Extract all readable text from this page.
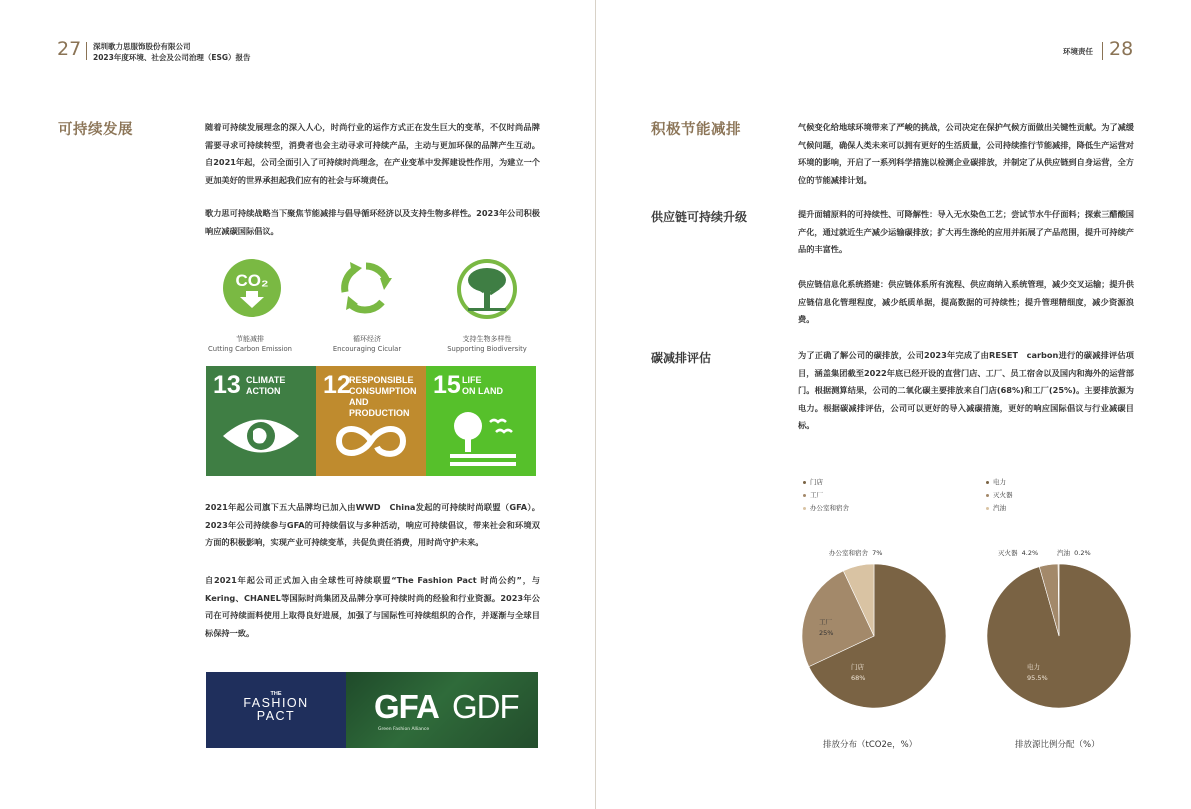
27 深圳歌力思服饰股份有限公司
2023年度环境、社会及公司治理（ESG）报告
可持续发展	随着可持续发展理念的深入人心，时尚行业的运作方式正在发生巨大的变革，不仅时尚品牌需要寻求可持续转型，消费者也会主动寻求可持续产品，主动与更加环保的品牌产生互动。自2021年起，公司全面引入了可持续时尚理念，在产业变革中发挥建设性作用，为建立一个更加美好的世界承担起我们应有的社会与环境责任。

歌力思可持续战略当下聚焦节能减排与倡导循环经济以及支持生物多样性。2023年公司积极响应减碳国际倡议。

CO₂
节能减排
Cutting Carbon Emission
循环经济
Encouraging Cicular
支持生物多样性
Supporting Biodiversity
13 CLIMATE
ACTION 12
RESPONSIBLE
CONSUMPTION
AND PRODUCTION
15 LIFE
ON LAND

2021年起公司旗下五大品牌均已加入由WWD　China发起的可持续时尚联盟（GFA）。2023年公司持续参与GFA的可持续倡议与多种活动，响应可持续倡议，带来社会和环境双方面的积极影响，实现产业可持续变革，共促负责任消费，用时尚守护未来。

自2021年起公司正式加入由全球性可持续联盟“The Fashion Pact 时尚公约”，与Kering、CHANEL等国际时尚集团及品牌分享可持续时尚的经验和行业资源。2023年公司在可持续面料使用上取得良好进展，加强了与国际性可持续组织的合作，并逐渐与全球目标保持一致。

THE
FASHION
PACT	GFA
Green Fashion Alliance
GDF
环境责任 28
积极节能减排	气候变化给地球环境带来了严峻的挑战，公司决定在保护气候方面做出关键性贡献。为了减缓气候问题，确保人类未来可以拥有更好的生活质量，公司持续推行节能减排，降低生产运营对环境的影响，开启了一系列科学措施以检测企业碳排放，并制定了从供应链到自身运营，全方位的节能减排计划。

供应链可持续升级	提升面辅原料的可持续性、可降解性：导入无水染色工艺；尝试节水牛仔面料；探索三醋酸国产化，通过就近生产减少运输碳排放；扩大再生涤纶的应用并拓展了产品范围，提升可持续产品的丰富性。

供应链信息化系统搭建：供应链体系所有流程、供应商纳入系统管理，减少交叉运输；提升供应链信息化管理程度，减少纸质单据，提高数据的可持续性；提升管理精细度，减少资源浪费。

碳减排评估	为了正确了解公司的碳排放，公司2023年完成了由RESET　carbon进行的碳减排评估项目，涵盖集团截至2022年底已经开设的直营门店、工厂、员工宿舍以及国内和海外的运营部门。根据测算结果，公司的二氧化碳主要排放来自门店(68%)和工厂(25%)。主要排放源为电力。根据碳减排评估，公司可以更好的导入减碳措施，更好的响应国际倡议与行业减碳目标。

门店
工厂
办公室和宿舍
电力
灭火器
汽油
办公室和宿舍 7%
工厂
25%
门店
68%
灭火器 4.2%	汽油 0.2%
电力
95.5%
排放分布（tCO2e，%）	排放源比例分配（%）
